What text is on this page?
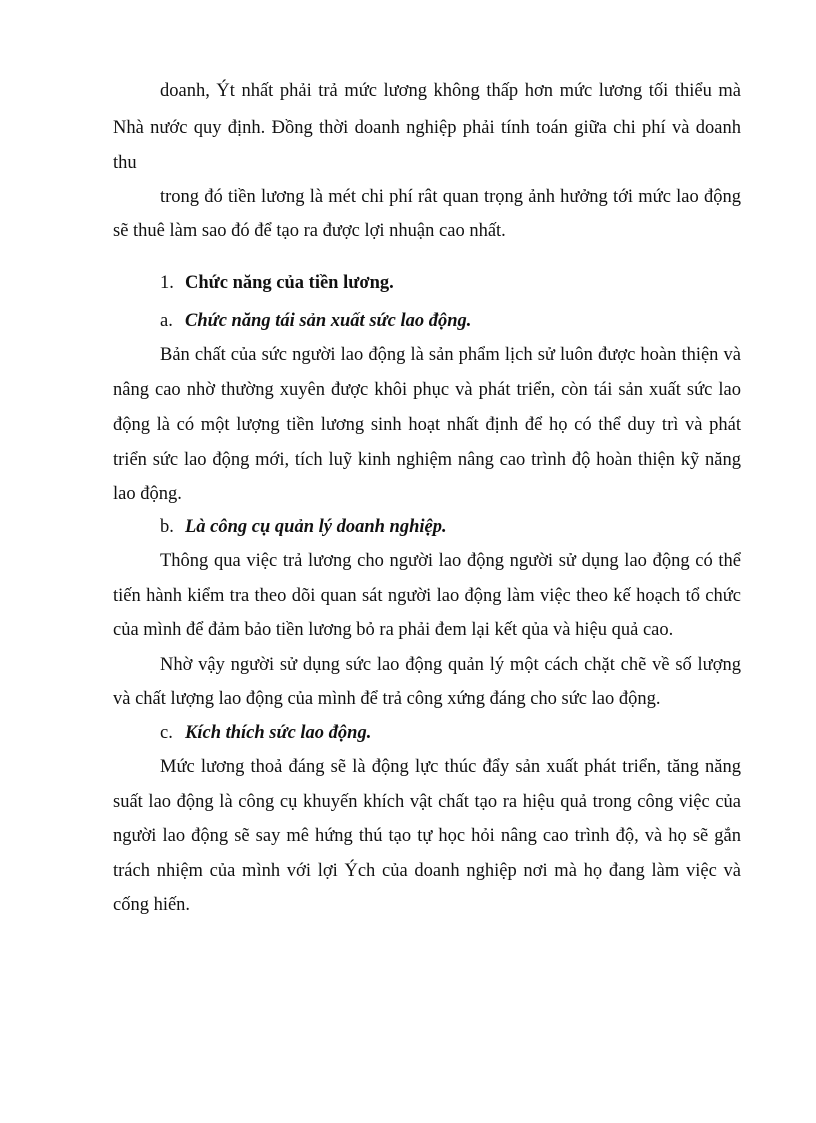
doanh, Ýt nhất phải trả mức lương không thấp hơn mức lương tối thiểu mà
Nhà nước quy định. Đồng thời doanh nghiệp phải tính toán giữa chi phí và doanh
thu
trong đó tiền lương là mét chi phí rât quan trọng ảnh hưởng tới mức lao động
sẽ thuê làm sao đó để tạo ra được lợi nhuận cao nhất.
1. Chức năng của tiền lương.
a. Chức năng tái sản xuất sức lao động.
Bản chất của sức người lao động là sản phẩm lịch sử luôn được hoàn thiện và
nâng cao nhờ thường xuyên được khôi phục và phát triển, còn tái sản xuất sức lao
động là có một lượng tiền lương sinh hoạt nhất định để họ có thể duy trì và phát
triển sức lao động mới, tích luỹ kinh nghiệm nâng cao trình độ hoàn thiện kỹ năng
lao động.
b. Là công cụ quản lý doanh nghiệp.
Thông qua việc trả lương cho người lao động người sử dụng lao động có thể
tiến hành kiểm tra theo dõi quan sát người lao động làm việc theo kế hoạch tổ chức
của mình để đảm bảo tiền lương bỏ ra phải đem lại kết qủa và hiệu quả cao.
Nhờ vậy người sử dụng sức lao động quản lý một cách chặt chẽ về số lượng
và chất lượng lao động của mình để trả công xứng đáng cho sức lao động.
c. Kích thích sức lao động.
Mức lương thoả đáng sẽ là động lực thúc đẩy sản xuất phát triển, tăng năng
suất lao động là công cụ khuyến khích vật chất tạo ra hiệu quả trong công việc của
người lao động sẽ say mê hứng thú tạo tự học hỏi nâng cao trình độ, và họ sẽ gắn
trách nhiệm của mình với lợi Ých của doanh nghiệp nơi mà họ đang làm việc và
cống hiến.
